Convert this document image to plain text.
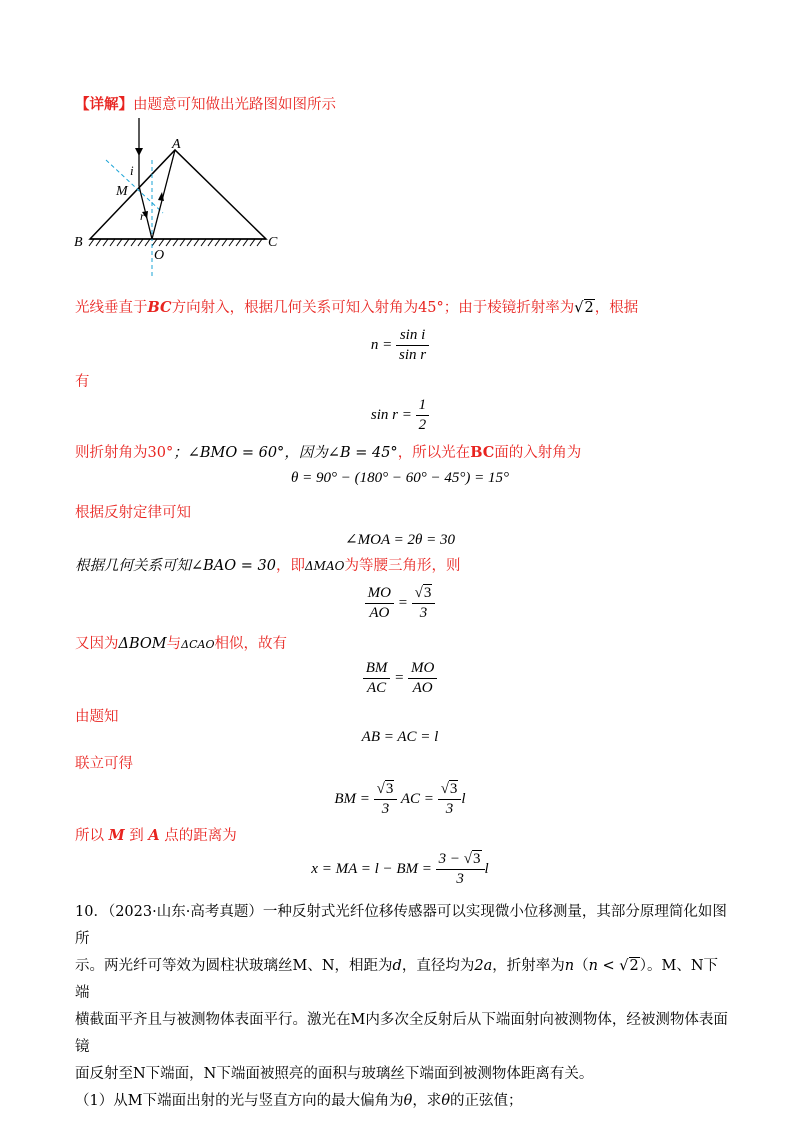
【详解】由题意可知做出光路图如图所示
A
B	C
M
O
i
r
光线垂直于BC方向射入，根据几何关系可知入射角为45°；由于棱镜折射率为√2，根据
$n = \frac{\text{sin i}}{\text{sin r}}$
有
$\sin r = \frac{1}{2}$
则折射角为30°；∠BMO = 60°，因为∠B = 45°，所以光在BC面的入射角为
θ = 90° − (180° − 60° − 45°) = 15°
根据反射定律可知
∠MOA = 2θ = 30
根据几何关系可知∠BAO = 30，即ΔMAO为等腰三角形，则
$\frac{MO}{AO} = \frac{√3}{3}$
又因为ΔBOM与ΔCAO相似，故有
$\frac{BM}{AC} = \frac{MO}{AO}$
由题知
AB = AC = l
联立可得
BM = $\frac{√3}{3}$ AC = $\frac{√3}{3}$ l
所以 M 到 A 点的距离为
x = MA = l − BM = $\frac{3 - √3}{3}$ l

10．（2023·山东·高考真题）一种反射式光纤位移传感器可以实现微小位移测量，其部分原理简化如图所

示。两光纤可等效为圆柱状玻璃丝M、N，相距为d，直径均为2a，折射率为n（n < √2）。M、N下端

横截面平齐且与被测物体表面平行。激光在M内多次全反射后从下端面射向被测物体，经被测物体表面镜

面反射至N下端面，N下端面被照亮的面积与玻璃丝下端面到被测物体距离有关。

（1）从M下端面出射的光与竖直方向的最大偏角为θ，求θ的正弦值；
